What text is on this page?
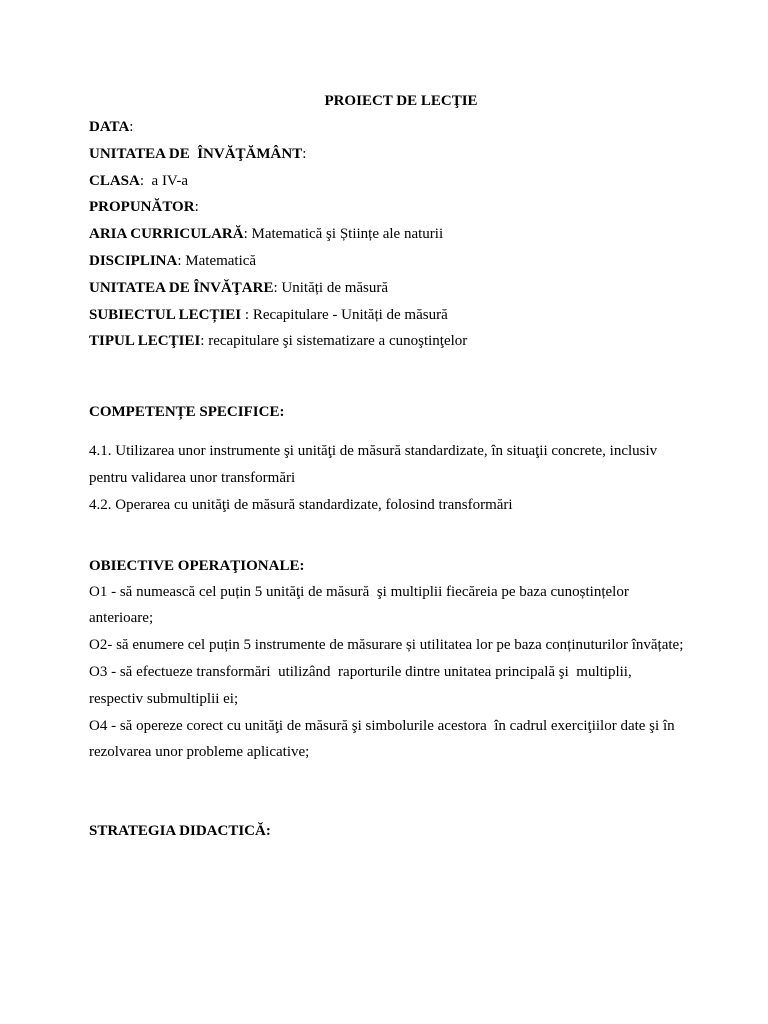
PROIECT DE LECŢIE

DATA:

UNITATEA DE  ÎNVĂŢĂMÂNT:

CLASA:  a IV-a

PROPUNĂTOR:

ARIA CURRICULARĂ: Matematică şi Științe ale naturii

DISCIPLINA: Matematică

UNITATEA DE ÎNVĂŢARE: Unități de măsură

SUBIECTUL LECȚIEI : Recapitulare - Unități de măsură

TIPUL LECŢIEI: recapitulare şi sistematizare a cunoştinţelor

COMPETENȚE SPECIFICE:

4.1. Utilizarea unor instrumente şi unităţi de măsură standardizate, în situaţii concrete, inclusiv pentru validarea unor transformări

4.2. Operarea cu unităţi de măsură standardizate, folosind transformări

OBIECTIVE OPERAŢIONALE:

O1 - să numească cel puțin 5 unităţi de măsură  şi multiplii fiecăreia pe baza cunoștințelor anterioare;

O2- să enumere cel puțin 5 instrumente de măsurare și utilitatea lor pe baza conținuturilor învățate;

O3 - să efectueze transformări  utilizând  raporturile dintre unitatea principală şi  multiplii, respectiv submultiplii ei;

O4 - să opereze corect cu unităţi de măsură şi simbolurile acestora  în cadrul exerciţiilor date şi în rezolvarea unor probleme aplicative;

STRATEGIA DIDACTICĂ:
